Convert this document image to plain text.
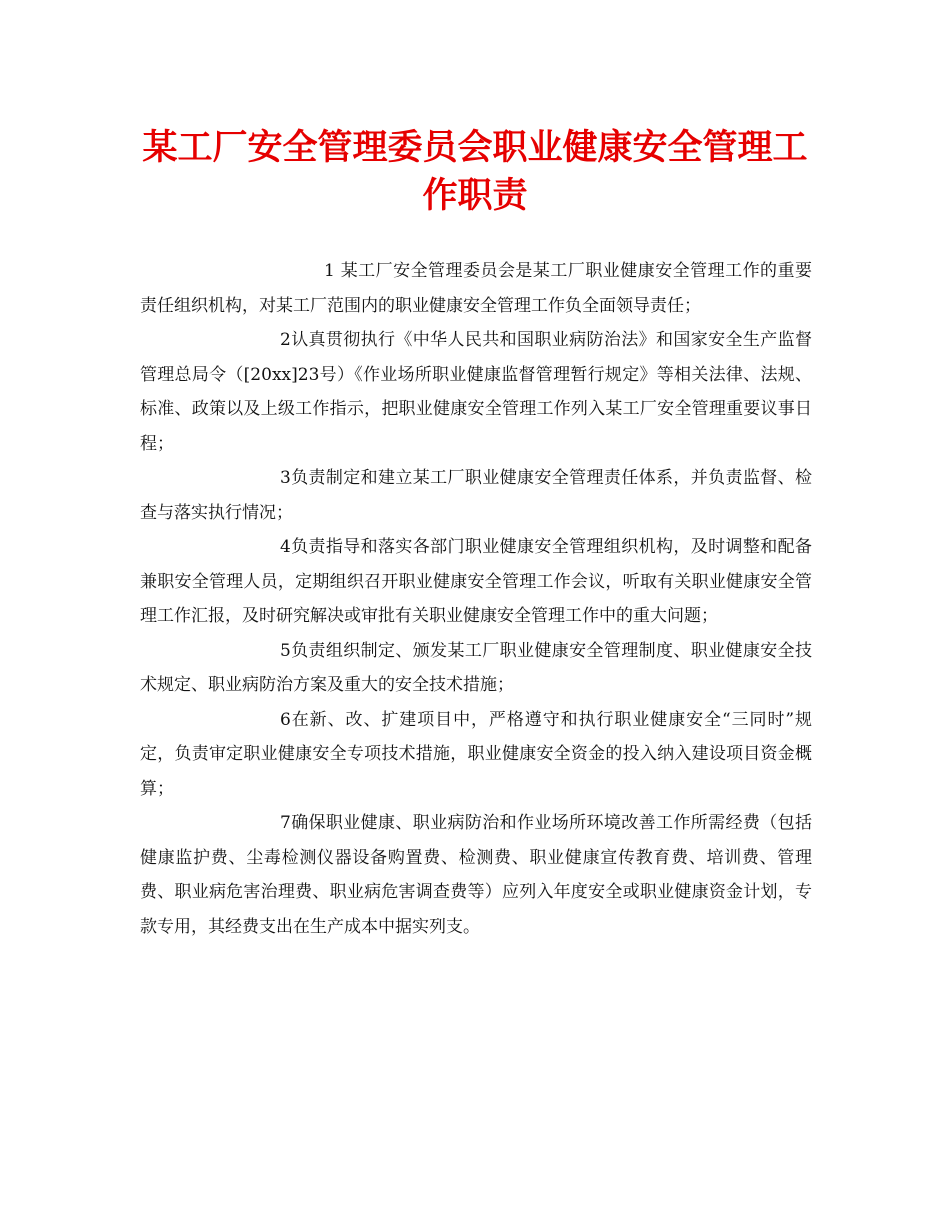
某工厂安全管理委员会职业健康安全管理工作职责

1 某工厂安全管理委员会是某工厂职业健康安全管理工作的重要责任组织机构，对某工厂范围内的职业健康安全管理工作负全面领导责任；

2认真贯彻执行《中华人民共和国职业病防治法》和国家安全生产监督管理总局令（[20xx]23号）《作业场所职业健康监督管理暂行规定》等相关法律、法规、标准、政策以及上级工作指示，把职业健康安全管理工作列入某工厂安全管理重要议事日程；

3负责制定和建立某工厂职业健康安全管理责任体系，并负责监督、检查与落实执行情况；

4负责指导和落实各部门职业健康安全管理组织机构，及时调整和配备兼职安全管理人员，定期组织召开职业健康安全管理工作会议，听取有关职业健康安全管理工作汇报，及时研究解决或审批有关职业健康安全管理工作中的重大问题；

5负责组织制定、颁发某工厂职业健康安全管理制度、职业健康安全技术规定、职业病防治方案及重大的安全技术措施；

6在新、改、扩建项目中，严格遵守和执行职业健康安全“三同时”规定，负责审定职业健康安全专项技术措施，职业健康安全资金的投入纳入建设项目资金概算；

7确保职业健康、职业病防治和作业场所环境改善工作所需经费（包括健康监护费、尘毒检测仪器设备购置费、检测费、职业健康宣传教育费、培训费、管理费、职业病危害治理费、职业病危害调查费等）应列入年度安全或职业健康资金计划，专款专用，其经费支出在生产成本中据实列支。
